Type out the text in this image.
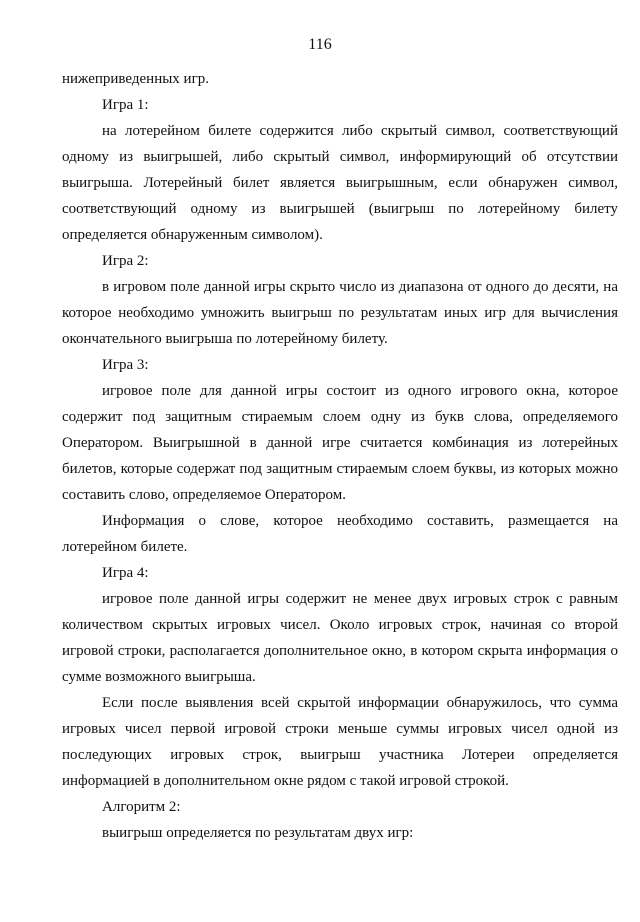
116

нижеприведенных игр.

Игра 1:

на лотерейном билете содержится либо скрытый символ, соответствующий одному из выигрышей, либо скрытый символ, информирующий об отсутствии выигрыша. Лотерейный билет является выигрышным, если обнаружен символ, соответствующий одному из выигрышей (выигрыш по лотерейному билету определяется обнаруженным символом).

Игра 2:

в игровом поле данной игры скрыто число из диапазона от одного до десяти, на которое необходимо умножить выигрыш по результатам иных игр для вычисления окончательного выигрыша по лотерейному билету.

Игра 3:

игровое поле для данной игры состоит из одного игрового окна, которое содержит под защитным стираемым слоем одну из букв слова, определяемого Оператором. Выигрышной в данной игре считается комбинация из лотерейных билетов, которые содержат под защитным стираемым слоем буквы, из которых можно составить слово, определяемое Оператором.

Информация о слове, которое необходимо составить, размещается на лотерейном билете.

Игра 4:

игровое поле данной игры содержит не менее двух игровых строк с равным количеством скрытых игровых чисел. Около игровых строк, начиная со второй игровой строки, располагается дополнительное окно, в котором скрыта информация о сумме возможного выигрыша.

Если после выявления всей скрытой информации обнаружилось, что сумма игровых чисел первой игровой строки меньше суммы игровых чисел одной из последующих игровых строк, выигрыш участника Лотереи определяется информацией в дополнительном окне рядом с такой игровой строкой.

Алгоритм 2:

выигрыш определяется по результатам двух игр:
